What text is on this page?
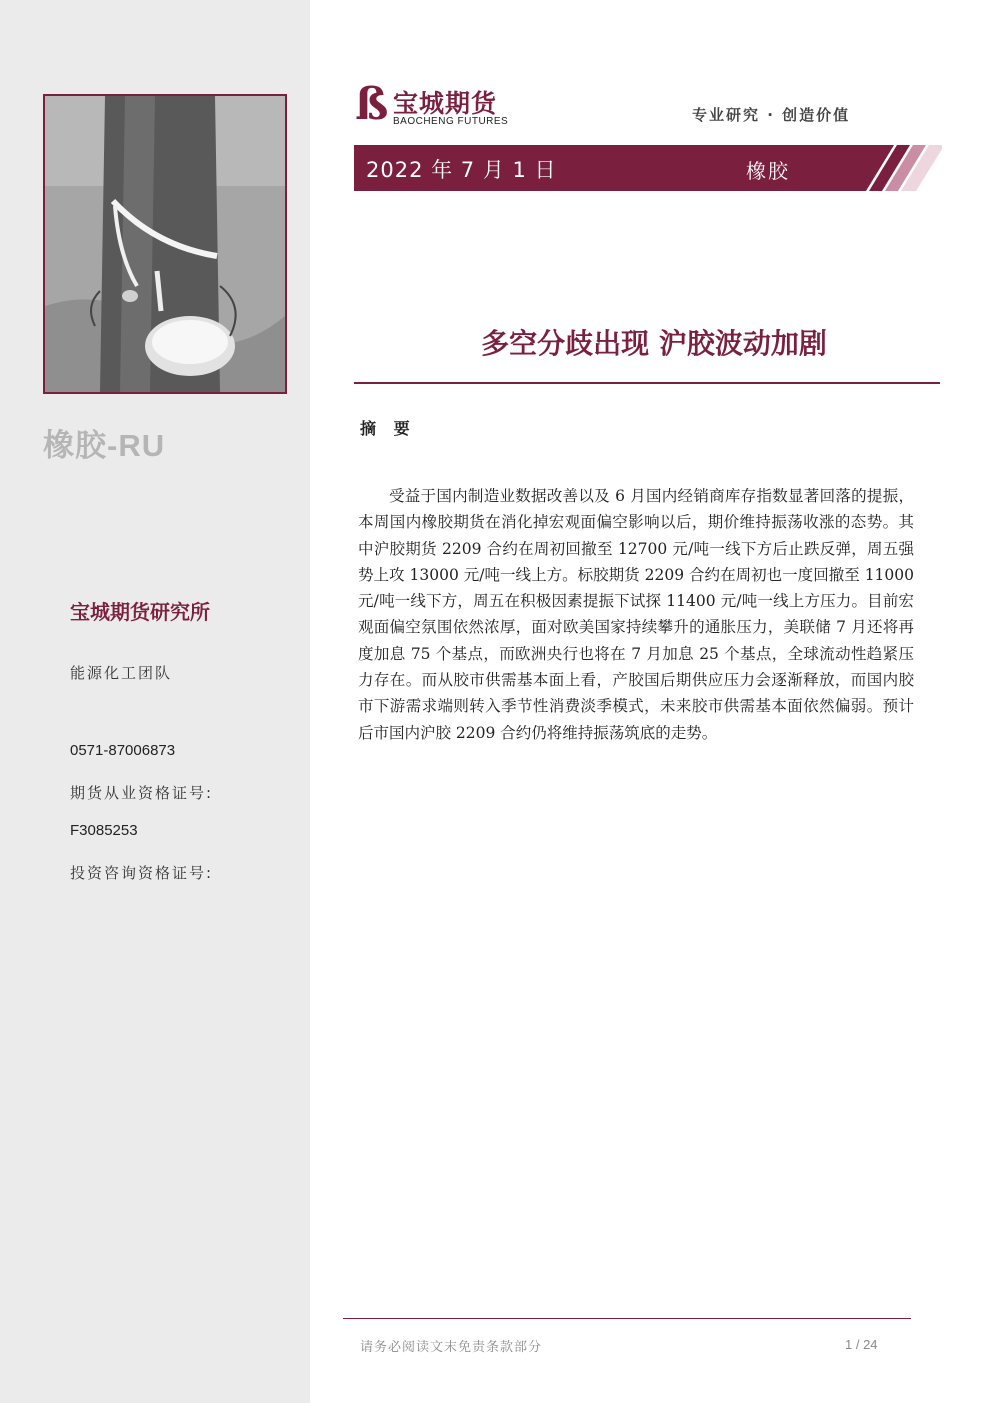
橡胶-RU
宝城期货研究所
能源化工团队
0571-87006873
期货从业资格证号:
F3085253
投资咨询资格证号:
ß 宝城期货
BAOCHENG FUTURES	专业研究 · 创造价值
2022 年 7 月 1 日	橡胶
多空分歧出现 沪胶波动加剧
摘 要

受益于国内制造业数据改善以及 6 月国内经销商库存指数显著回落的提振，本周国内橡胶期货在消化掉宏观面偏空影响以后，期价维持振荡收涨的态势。其中沪胶期货 2209 合约在周初回撤至 12700 元/吨一线下方后止跌反弹，周五强势上攻 13000 元/吨一线上方。标胶期货 2209 合约在周初也一度回撤至 11000 元/吨一线下方，周五在积极因素提振下试探 11400 元/吨一线上方压力。目前宏观面偏空氛围依然浓厚，面对欧美国家持续攀升的通胀压力，美联储 7 月还将再度加息 75 个基点，而欧洲央行也将在 7 月加息 25 个基点，全球流动性趋紧压力存在。而从胶市供需基本面上看，产胶国后期供应压力会逐渐释放，而国内胶市下游需求端则转入季节性消费淡季模式，未来胶市供需基本面依然偏弱。预计后市国内沪胶 2209 合约仍将维持振荡筑底的走势。

请务必阅读文末免责条款部分	1 / 24
